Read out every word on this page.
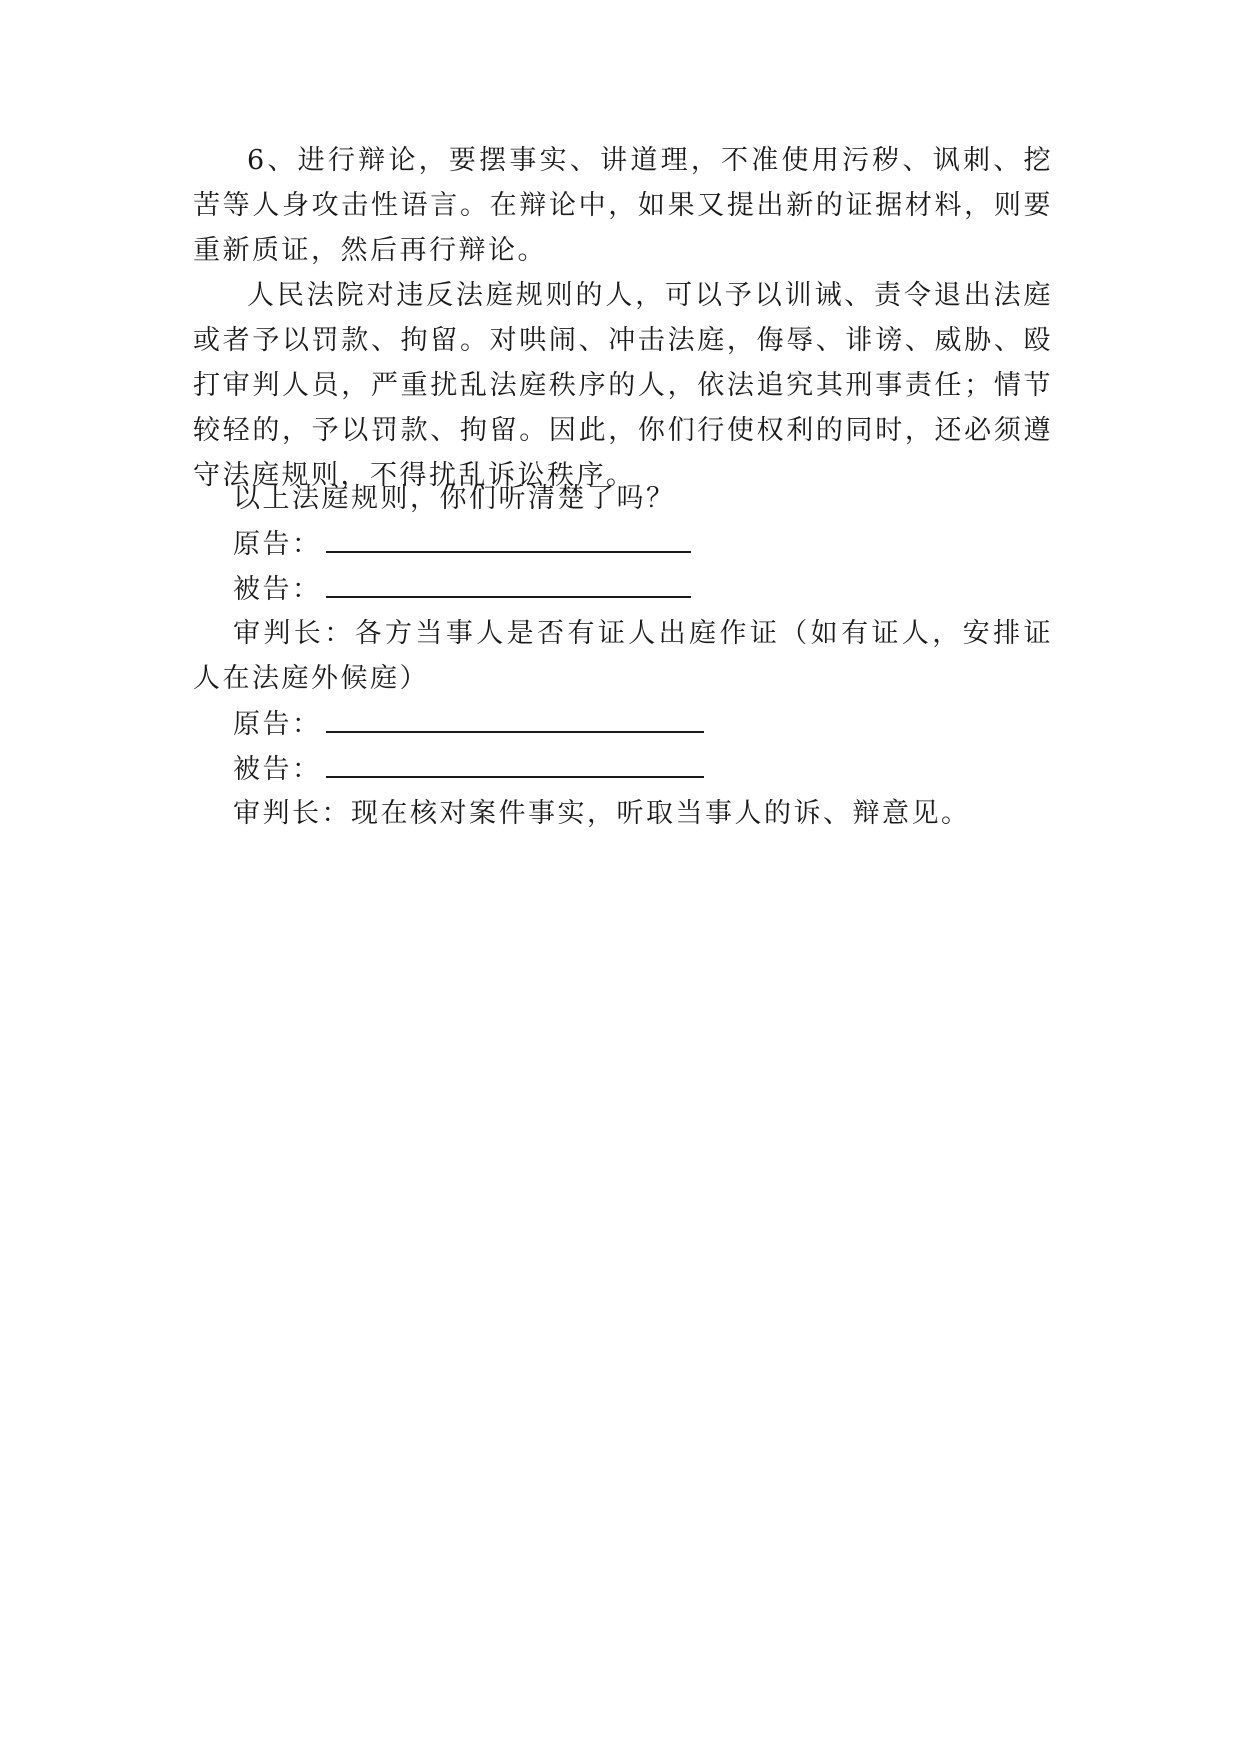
6、进行辩论，要摆事实、讲道理，不准使用污秽、讽刺、挖苦等人身攻击性语言。在辩论中，如果又提出新的证据材料，则要重新质证，然后再行辩论。

人民法院对违反法庭规则的人，可以予以训诫、责令退出法庭或者予以罚款、拘留。对哄闹、冲击法庭，侮辱、诽谤、威胁、殴打审判人员，严重扰乱法庭秩序的人，依法追究其刑事责任；情节较轻的，予以罚款、拘留。因此，你们行使权利的同时，还必须遵守法庭规则，不得扰乱诉讼秩序。

以上法庭规则，你们听清楚了吗？

原告：

被告：

审判长：各方当事人是否有证人出庭作证（如有证人，安排证人在法庭外候庭）

原告：

被告：

审判长：现在核对案件事实，听取当事人的诉、辩意见。
